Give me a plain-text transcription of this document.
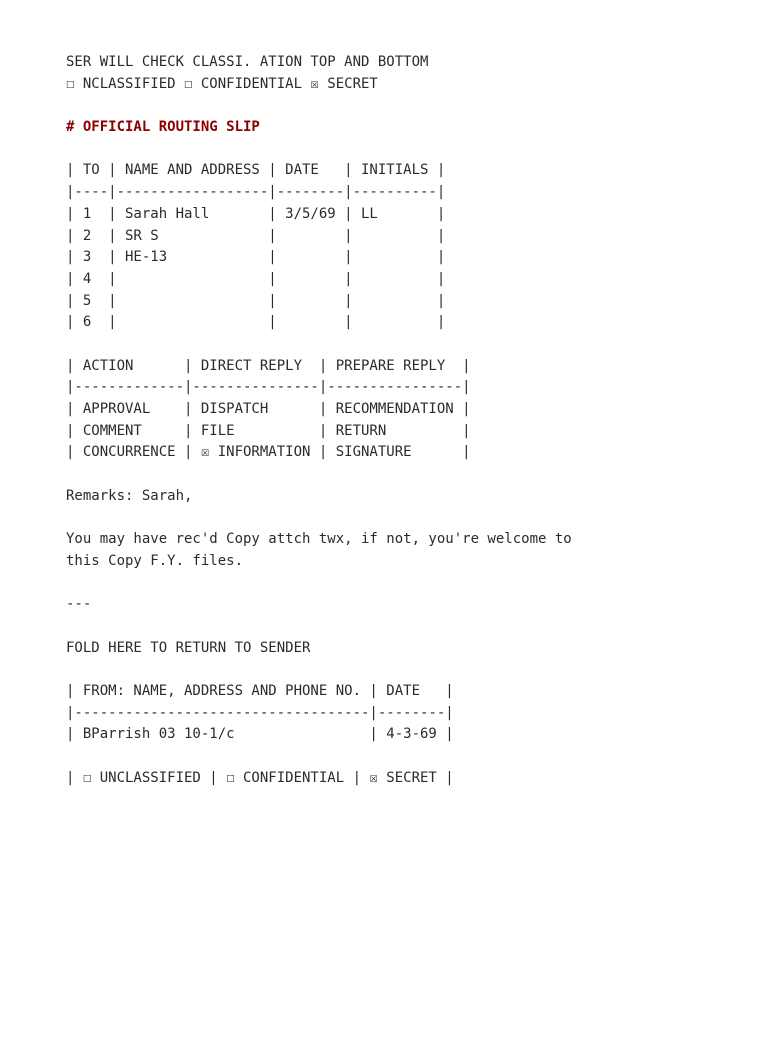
SER WILL CHECK CLASSI. ATION TOP AND BOTTOM
☐ NCLASSIFIED ☐ CONFIDENTIAL ☒ SECRET
# OFFICIAL ROUTING SLIP
| TO | NAME AND ADDRESS | DATE   | INITIALS |
|----|------------------|--------|----------|
| 1  | Sarah Hall       | 3/5/69 | LL       |
| 2  | SR S             |        |          |
| 3  | HE-13            |        |          |
| 4  |                  |        |          |
| 5  |                  |        |          |
| 6  |                  |        |          |
| ACTION      | DIRECT REPLY  | PREPARE REPLY  |
|-------------|---------------|----------------|
| APPROVAL    | DISPATCH      | RECOMMENDATION |
| COMMENT     | FILE          | RETURN         |
| CONCURRENCE | ☒ INFORMATION | SIGNATURE      |
Remarks: Sarah,
You may have rec'd Copy attch twx, if not, you're welcome to
this Copy F.Y. files.
---
FOLD HERE TO RETURN TO SENDER
| FROM: NAME, ADDRESS AND PHONE NO. | DATE   |
|-----------------------------------|--------|
| BParrish 03 10-1/c                | 4-3-69 |
| ☐ UNCLASSIFIED | ☐ CONFIDENTIAL | ☒ SECRET |
